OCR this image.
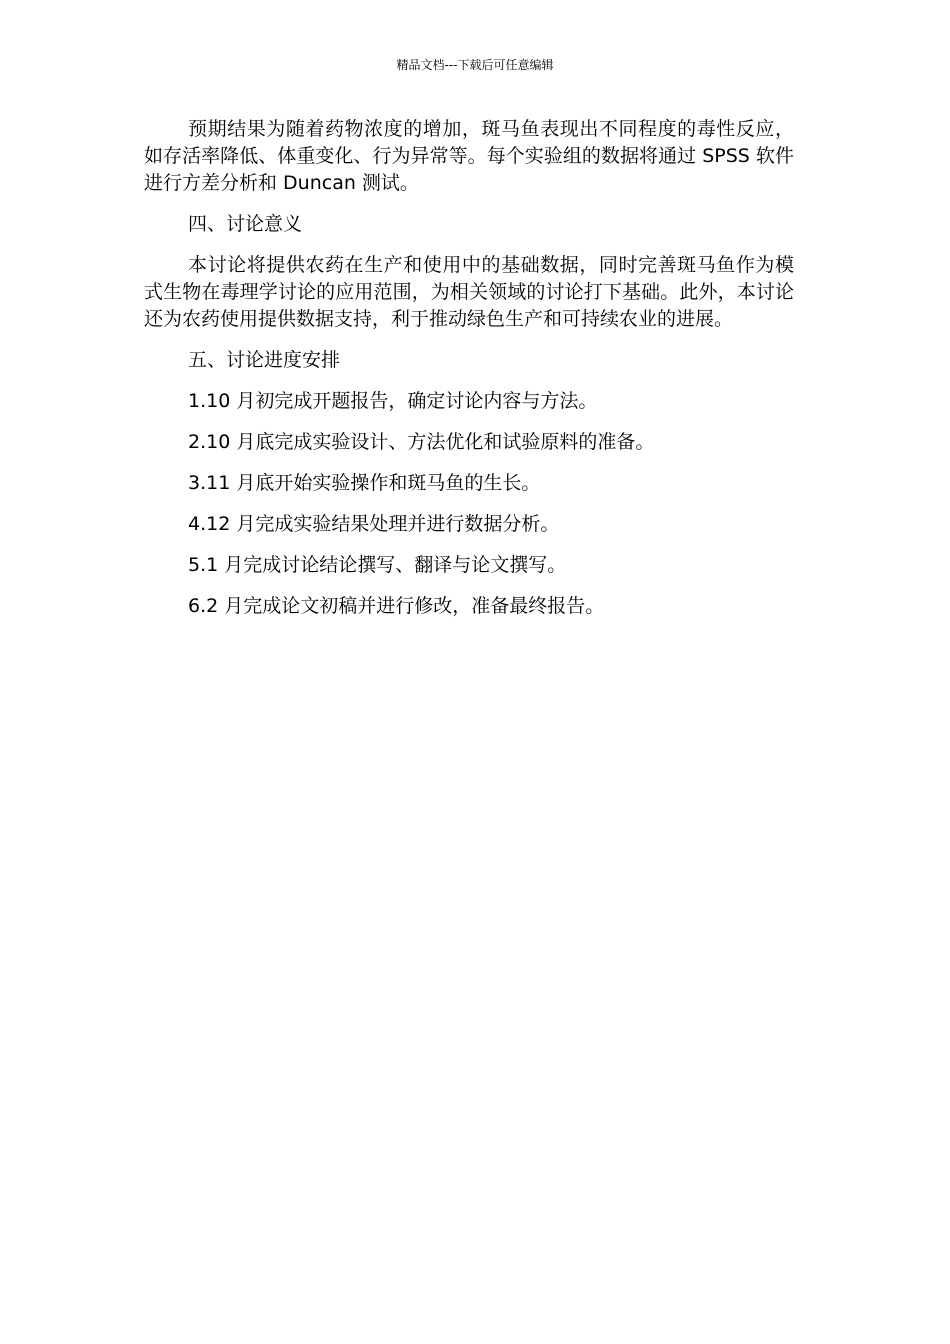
精品文档---下载后可任意编辑

预期结果为随着药物浓度的增加，斑马鱼表现出不同程度的毒性反应，如存活率降低、体重变化、行为异常等。每个实验组的数据将通过 SPSS 软件进行方差分析和 Duncan 测试。

四、讨论意义

本讨论将提供农药在生产和使用中的基础数据，同时完善斑马鱼作为模式生物在毒理学讨论的应用范围，为相关领域的讨论打下基础。此外，本讨论还为农药使用提供数据支持，利于推动绿色生产和可持续农业的进展。

五、讨论进度安排

1.10 月初完成开题报告，确定讨论内容与方法。

2.10 月底完成实验设计、方法优化和试验原料的准备。

3.11 月底开始实验操作和斑马鱼的生长。

4.12 月完成实验结果处理并进行数据分析。

5.1 月完成讨论结论撰写、翻译与论文撰写。

6.2 月完成论文初稿并进行修改，准备最终报告。
